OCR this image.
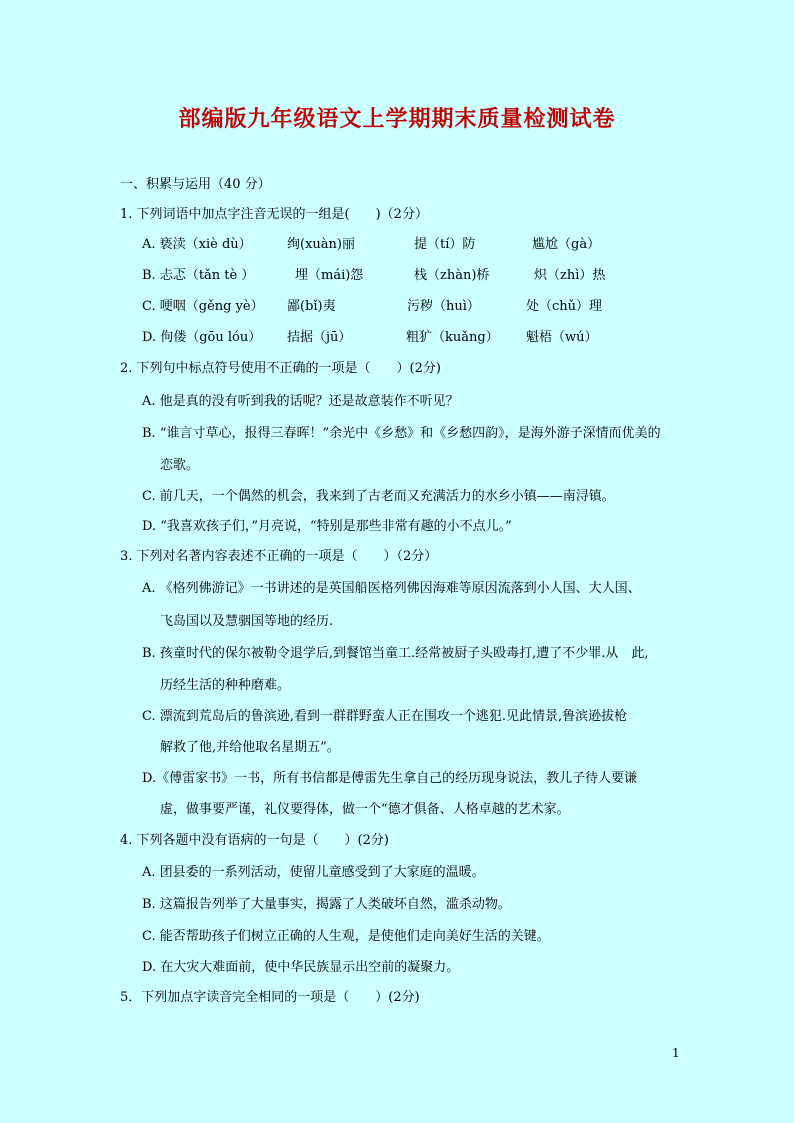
部编版九年级语文上学期期末质量检测试卷
一、积累与运用（40 分）
1. 下列词语中加点字注音无误的一组是(　　)（2分）
A. 亵渎（xiè dù）	绚(xuàn)丽	提（tí）防	尴尬（gà）
B. 忐忑（tǎn tè ）	埋（mái)怨	栈（zhàn)桥	炽（zhì）热
C. 哽咽（gěng yè） 鄙(bǐ)夷	污秽（huì）	处（chǔ）理
D. 佝偻（gōu lóu） 拮据（jū）	粗犷（kuǎng） 魁梧（wú）
2. 下列句中标点符号使用不正确的一项是（　　）(2分)
A. 他是真的没有听到我的话呢？还是故意装作不听见？
B. “谁言寸草心，报得三春晖！”余光中《乡愁》和《乡愁四韵》，是海外游子深情而优美的
恋歌。
C. 前几天，一个偶然的机会，我来到了古老而又充满活力的水乡小镇——南浔镇。
D. “我喜欢孩子们，”月亮说，“特别是那些非常有趣的小不点儿。”
3. 下列对名著内容表述不正确的一项是（　　）（2分）
A. 《格列佛游记》一书讲述的是英国船医格列佛因海难等原因流落到小人国、大人国、
飞岛国以及慧骃国等地的经历.
B. 孩童时代的保尔被勒令退学后,到餐馆当童工.经常被厨子头殴毒打,遭了不少罪.从　此,
历经生活的种种磨难。
C. 漂流到荒岛后的鲁滨逊,看到一群群野蛮人正在围攻一个逃犯.见此情景,鲁滨逊拔枪
解救了他,并给他取名星期五”。
D.《傅雷家书》一书，所有书信都是傅雷先生拿自己的经历现身说法，教儿子待人要谦
虚，做事要严谨，礼仪要得体，做一个“德才俱备、人格卓越的艺术家。
4. 下列各题中没有语病的一句是（　　）(2分)
A. 团县委的一系列活动，使留儿童感受到了大家庭的温暖。
B. 这篇报告列举了大量事实，揭露了人类破坏自然，滥杀动物。
C. 能否帮助孩子们树立正确的人生观，是使他们走向美好生活的关键。
D. 在大灾大难面前，使中华民族显示出空前的凝聚力。
5．下列加点字读音完全相同的一项是（　　）(2分)
1
